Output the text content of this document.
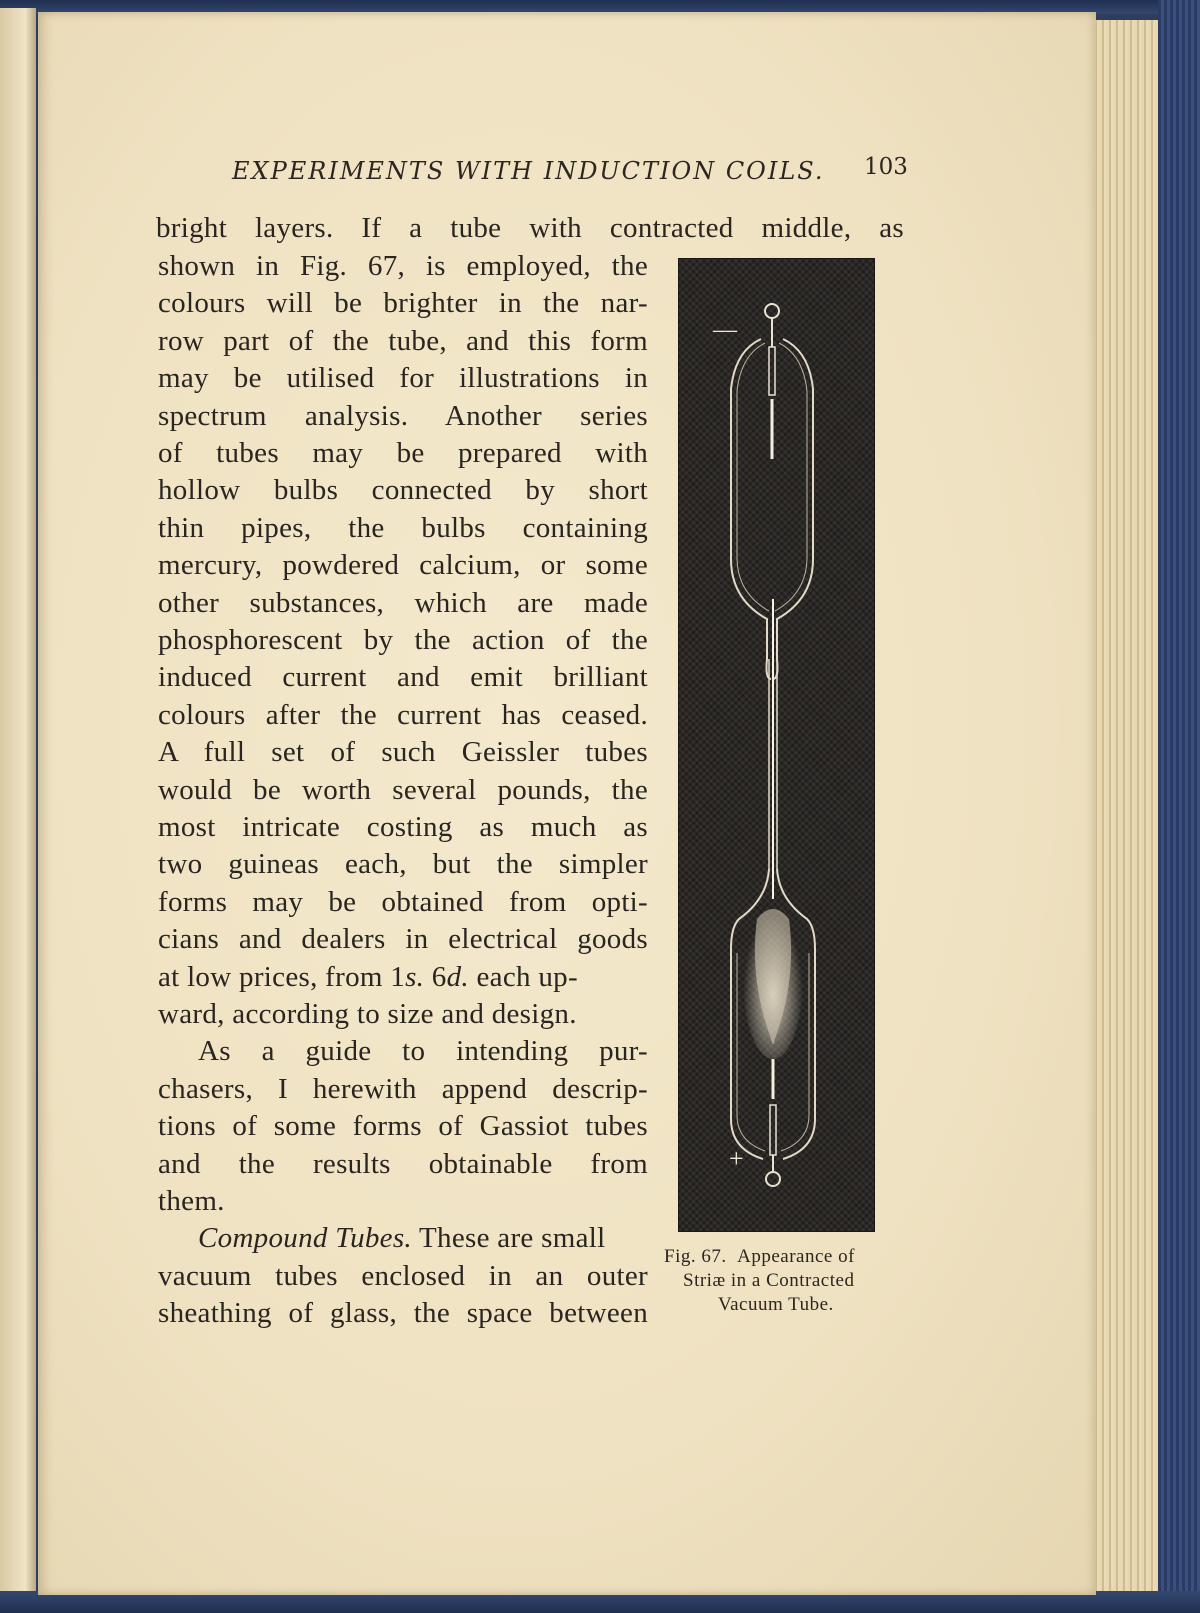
EXPERIMENTS WITH INDUCTION COILS. 103
bright layers. If a tube with contracted middle, as
shown in Fig. 67, is employed, the
colours will be brighter in the nar-
row part of the tube, and this form
may be utilised for illustrations in
spectrum analysis. Another series
of tubes may be prepared with
hollow bulbs connected by short
thin pipes, the bulbs containing
mercury, powdered calcium, or some
other substances, which are made
phosphorescent by the action of the
induced current and emit brilliant
colours after the current has ceased.
A full set of such Geissler tubes
would be worth several pounds, the
most intricate costing as much as
two guineas each, but the simpler
forms may be obtained from opti-
cians and dealers in electrical goods
at low prices, from 1s. 6d. each up-
ward, according to size and design.
As a guide to intending pur-
chasers, I herewith append descrip-
tions of some forms of Gassiot tubes
and the results obtainable from
them.
Compound Tubes. These are small
vacuum tubes enclosed in an outer
sheathing of glass, the space between
—
+
Fig. 67. Appearance of
Striæ in a Contracted
Vacuum Tube.
